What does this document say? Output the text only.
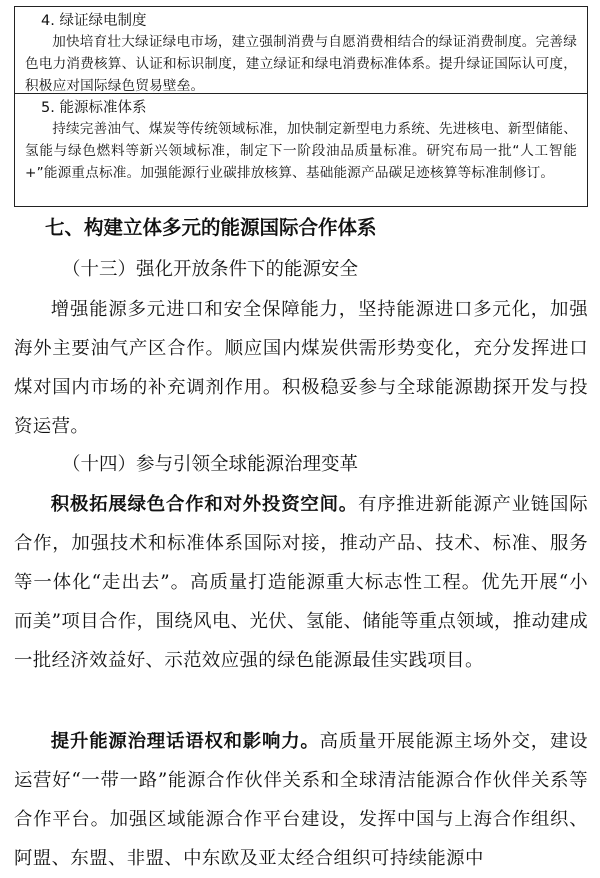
4. 绿证绿电制度
加快培育壮大绿证绿电市场，建立强制消费与自愿消费相结合的绿证消费制度。完善绿色电力消费核算、认证和标识制度，建立绿证和绿电消费标准体系。提升绿证国际认可度，积极应对国际绿色贸易壁垒。
5. 能源标准体系
持续完善油气、煤炭等传统领域标准，加快制定新型电力系统、先进核电、新型储能、氢能与绿色燃料等新兴领域标准，制定下一阶段油品质量标准。研究布局一批“人工智能+”能源重点标准。加强能源行业碳排放核算、基础能源产品碳足迹核算等标准制修订。
七、构建立体多元的能源国际合作体系
（十三）强化开放条件下的能源安全
增强能源多元进口和安全保障能力，坚持能源进口多元化，加强海外主要油气产区合作。顺应国内煤炭供需形势变化，充分发挥进口煤对国内市场的补充调剂作用。积极稳妥参与全球能源勘探开发与投资运营。
（十四）参与引领全球能源治理变革
积极拓展绿色合作和对外投资空间。有序推进新能源产业链国际合作，加强技术和标准体系国际对接，推动产品、技术、标准、服务等一体化“走出去”。高质量打造能源重大标志性工程。优先开展“小而美”项目合作，围绕风电、光伏、氢能、储能等重点领域，推动建成一批经济效益好、示范效应强的绿色能源最佳实践项目。
提升能源治理话语权和影响力。高质量开展能源主场外交，建设运营好“一带一路”能源合作伙伴关系和全球清洁能源合作伙伴关系等合作平台。加强区域能源合作平台建设，发挥中国与上海合作组织、阿盟、东盟、非盟、中东欧及亚太经合组织可持续能源中
